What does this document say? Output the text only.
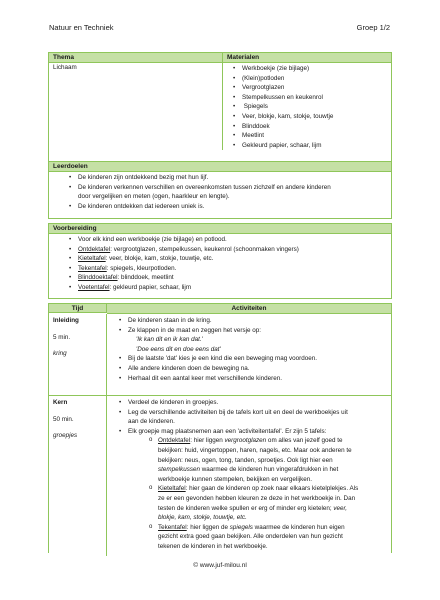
Natuur en Techniek	Groep 1/2
Thema
Lichaam
Materialen
• Werkboekje (zie bijlage)
• (Klein)potloden
• Vergrootglazen
• Stempelkussen en keukenrol
•  Spiegels
• Veer, blokje, kam, stokje, touwtje
• Blinddoek
• Meetlint
• Gekleurd papier, schaar, lijm
Leerdoelen
• De kinderen zijn ontdekkend bezig met hun lijf.
• De kinderen verkennen verschillen en overeenkomsten tussen zichzelf en andere kinderen
door vergelijken en meten (ogen, haarkleur en lengte).
• De kinderen ontdekken dat iedereen uniek is.
Voorbereiding
• Voor elk kind een werkboekje (zie bijlage) en potlood.
• Ontdektafel: vergrootglazen, stempelkussen, keukenrol (schoonmaken vingers)
• Kieteltafel: veer, blokje, kam, stokje, touwtje, etc.
• Tekentafel: spiegels, kleurpotloden.
• Blinddoektafel: blinddoek, meetlint
• Voetentafel: gekleurd papier, schaar, lijm
Tijd	Activiteiten
Inleiding
5 min.
kring
• De kinderen staan in de kring.
• Ze klappen in de maat en zeggen het versje op:
'Ik kan dit en ik kan dat.'
'Doe eens dit en doe eens dat'
• Bij de laatste 'dat' kies je een kind die een beweging mag voordoen.
• Alle andere kinderen doen de beweging na.
• Herhaal dit een aantal keer met verschillende kinderen.
Kern
50 min.
groepjes
• Verdeel de kinderen in groepjes.
• Leg de verschillende activiteiten bij de tafels kort uit en deel de werkboekjes uit
aan de kinderen.
• Elk groepje mag plaatsnemen aan een 'activiteitentafel'. Er zijn 5 tafels:
o Ontdektafel: hier liggen vergrootglazen om alles van jezelf goed te
bekijken: huid, vingertoppen, haren, nagels, etc. Maar ook anderen te
bekijken: neus, ogen, tong, tanden, sproetjes. Ook ligt hier een
stempelkussen waarmee de kinderen hun vingerafdrukken in het
werkboekje kunnen stempelen, bekijken en vergelijken.
o Kieteltafel: hier gaan de kinderen op zoek naar elkaars kietelplekjes. Als
ze er een gevonden hebben kleuren ze deze in het werkboekje in. Dan
testen de kinderen welke spullen er erg of minder erg kietelen; veer,
blokje, kam, stokje, touwtje, etc.
o Tekentafel: hier liggen de spiegels waarmee de kinderen hun eigen
gezicht extra goed gaan bekijken. Alle onderdelen van hun gezicht
tekenen de kinderen in het werkboekje.
© www.juf-milou.nl
